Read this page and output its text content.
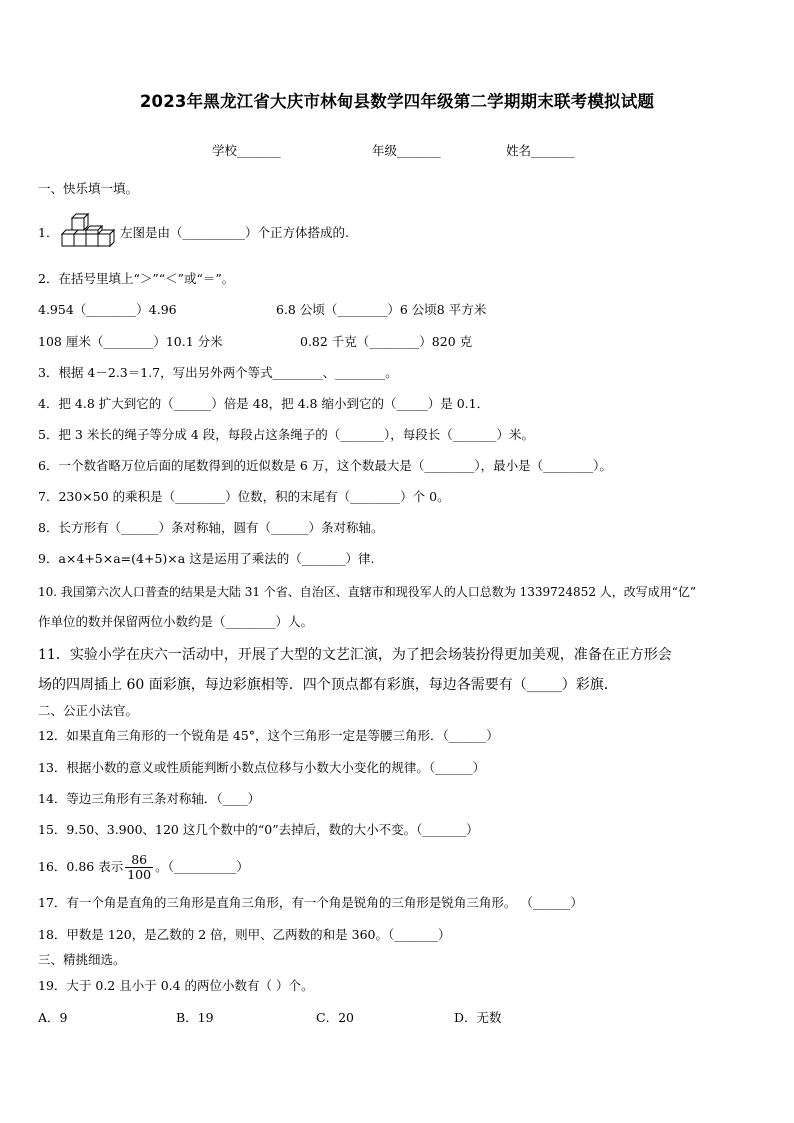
2023年黑龙江省大庆市林甸县数学四年级第二学期期末联考模拟试题
学校_______	年级_______	姓名_______
一、快乐填一填。
1．	左图是由（__________）个正方体搭成的.
2．在括号里填上“＞”“＜”或“＝”。
4.954（________）4.96	6.8 公顷（________）6 公顷8 平方米
108 厘米（________）10.1 分米	0.82 千克（________）820 克
3．根据 4－2.3＝1.7，写出另外两个等式________、________。
4．把 4.8 扩大到它的（______）倍是 48，把 4.8 缩小到它的（_____）是 0.1．
5．把 3 米长的绳子等分成 4 段，每段占这条绳子的（_______），每段长（_______）米。
6．一个数省略万位后面的尾数得到的近似数是 6 万，这个数最大是（________），最小是（________）。
7．230×50 的乘积是（________）位数，积的末尾有（________）个 0。
8．长方形有（______）条对称轴，圆有（______）条对称轴。
9．a×4+5×a=(4+5)×a 这是运用了乘法的（_______）律.
10. 我国第六次人口普查的结果是大陆 31 个省、自治区、直辖市和现役军人的人口总数为 1339724852 人，改写成用“亿”
作单位的数并保留两位小数约是（________）人。
11．实验小学在庆六一活动中，开展了大型的文艺汇演，为了把会场装扮得更加美观，准备在正方形会
场的四周插上 60 面彩旗，每边彩旗相等．四个顶点都有彩旗，每边各需要有（_____）彩旗．
二、公正小法官。
12．如果直角三角形的一个锐角是 45°，这个三角形一定是等腰三角形．（______）
13．根据小数的意义或性质能判断小数点位移与小数大小变化的规律。（______）
14．等边三角形有三条对称轴．（____）
15．9.50、3.900、120 这几个数中的“0”去掉后，数的大小不变。（_______）
16．0.86 表示 $\frac{86}{100}$ 。（__________）
17．有一个角是直角的三角形是直角三角形，有一个角是锐角的三角形是锐角三角形。 （______）
18．甲数是 120，是乙数的 2 倍，则甲、乙两数的和是 360。（_______）
三、精挑细选。
19．大于 0.2 且小于 0.4 的两位小数有（ ）个。
A．9	B．19	C．20	D．无数
